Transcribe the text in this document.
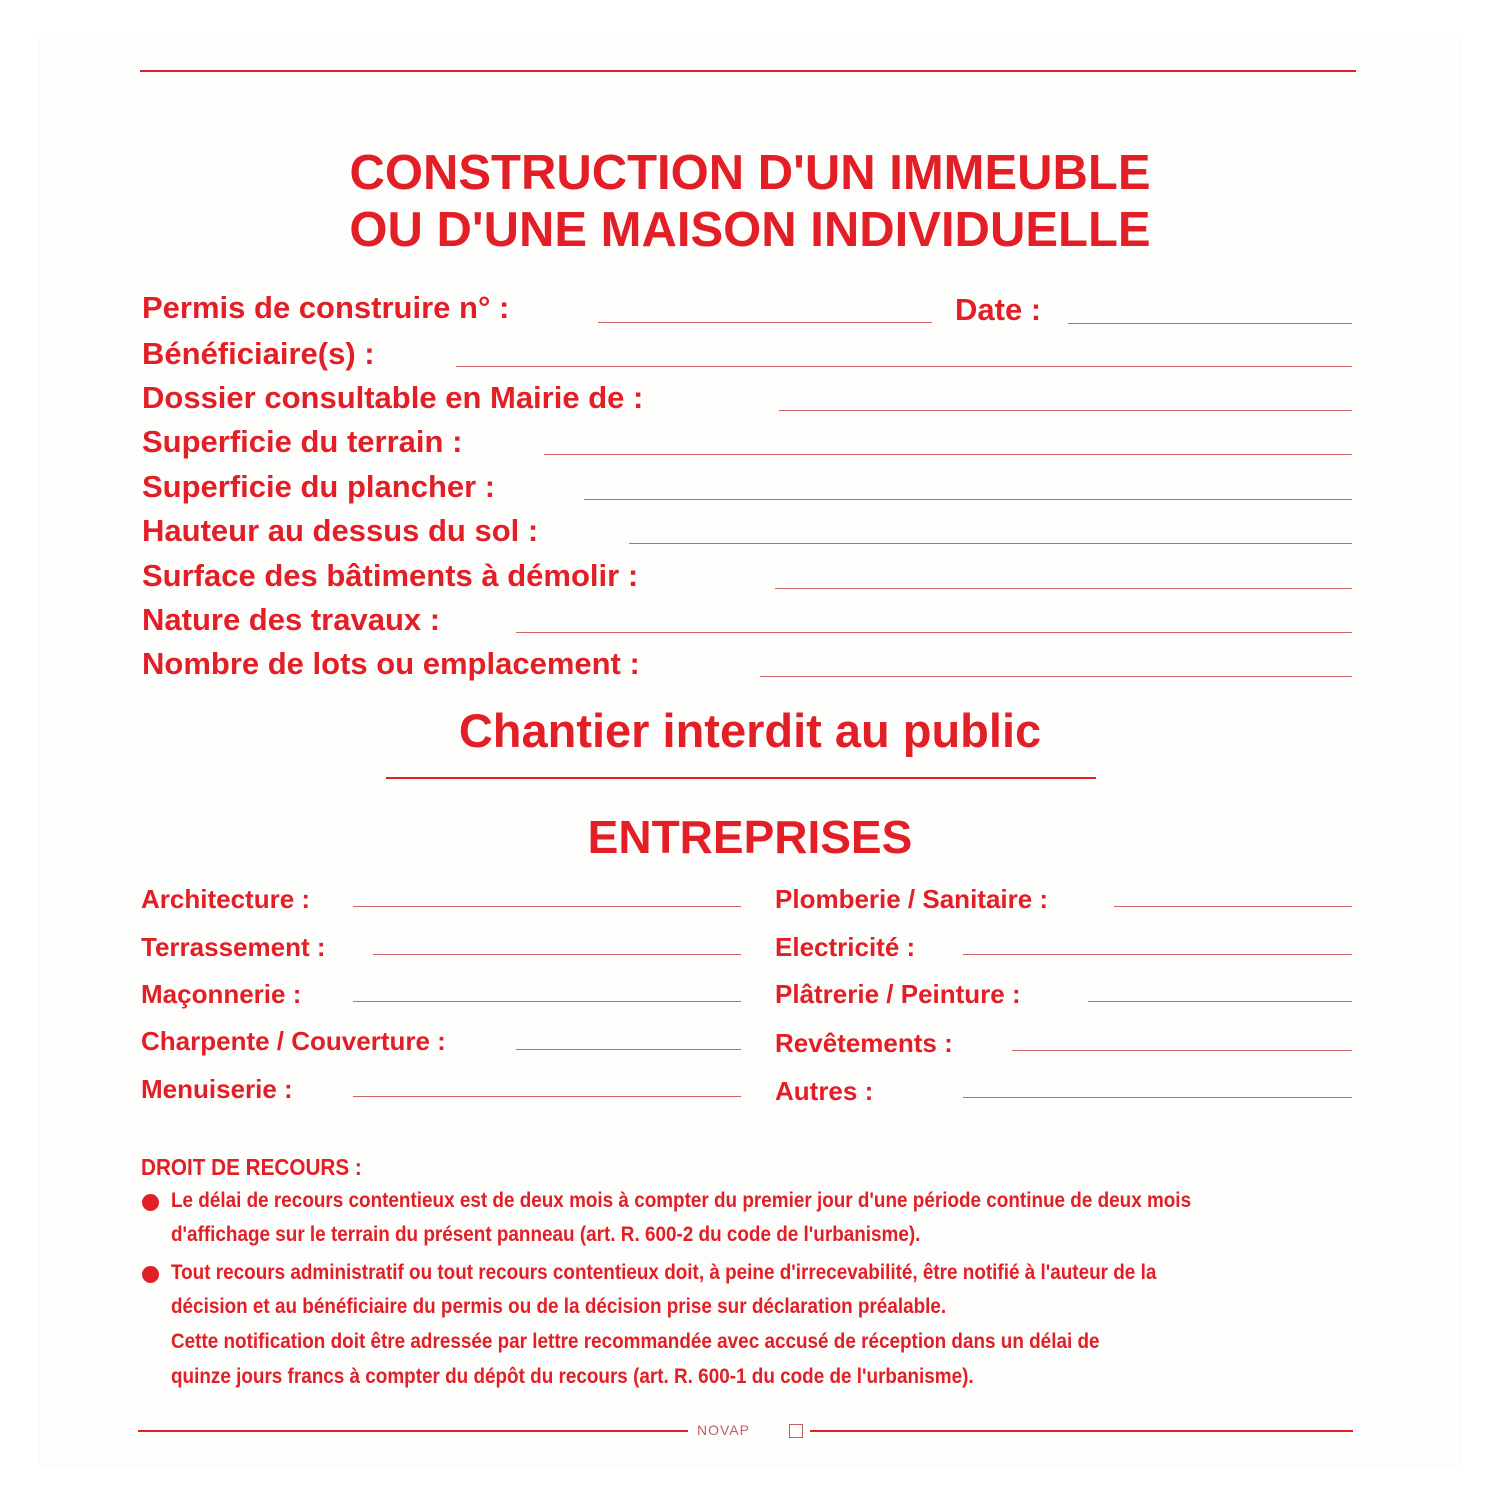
CONSTRUCTION D'UN IMMEUBLE
OU D'UNE MAISON INDIVIDUELLE
Permis de construire n° :	Date :
Bénéficiaire(s) :
Dossier consultable en Mairie de :
Superficie du terrain :
Superficie du plancher :
Hauteur au dessus du sol :
Surface des bâtiments à démolir :
Nature des travaux :
Nombre de lots ou emplacement :
Chantier interdit au public
ENTREPRISES
Architecture :
Terrassement :
Maçonnerie :
Charpente / Couverture :
Menuiserie :
Plomberie / Sanitaire :
Electricité :
Plâtrerie / Peinture :
Revêtements :
Autres :
DROIT DE RECOURS :
Le délai de recours contentieux est de deux mois à compter du premier jour d'une période continue de deux mois
d'affichage sur le terrain du présent panneau (art. R. 600-2 du code de l'urbanisme).
Tout recours administratif ou tout recours contentieux doit, à peine d'irrecevabilité, être notifié à l'auteur de la
décision et au bénéficiaire du permis ou de la décision prise sur déclaration préalable.
Cette notification doit être adressée par lettre recommandée avec accusé de réception dans un délai de
quinze jours francs à compter du dépôt du recours (art. R. 600-1 du code de l'urbanisme).
NOVAP
